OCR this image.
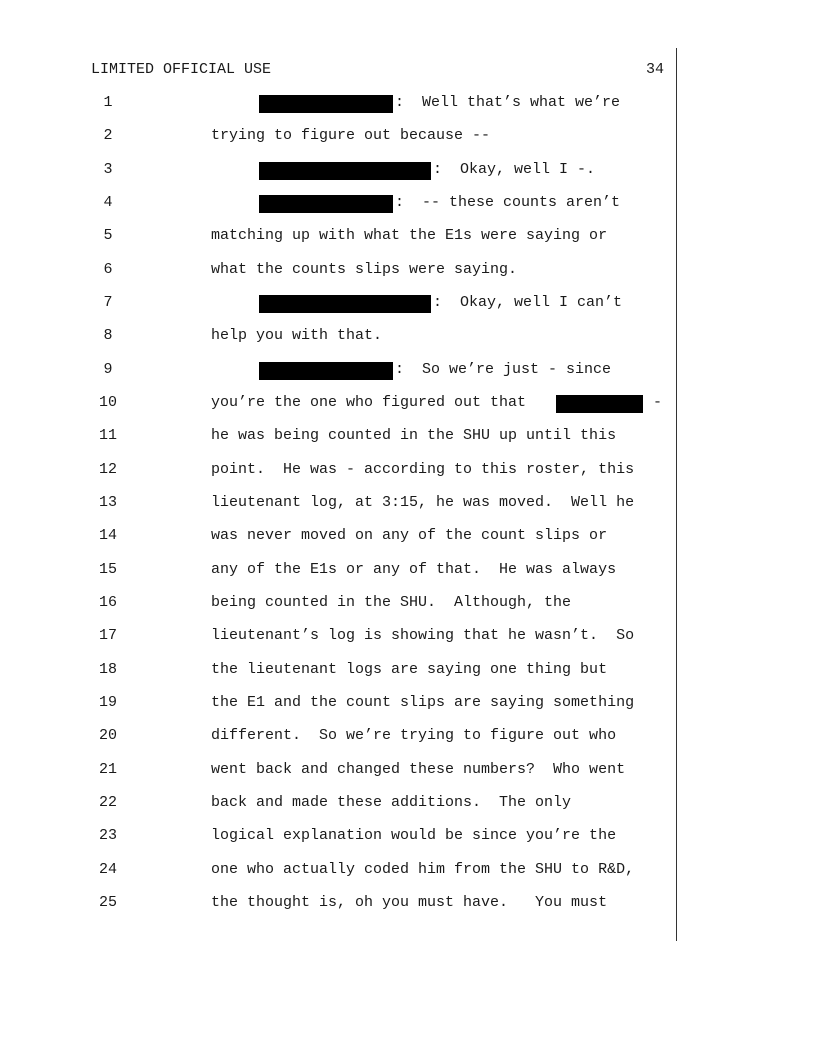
LIMITED OFFICIAL USE	34
1	:  Well that’s what we’re
2	trying to figure out because --
3	:  Okay, well I -.
4	:  -- these counts aren’t
5	matching up with what the E1s were saying or
6	what the counts slips were saying.
7	:  Okay, well I can’t
8	help you with that.
9	:  So we’re just - since
10	you’re the one who figured out that	-
11	he was being counted in the SHU up until this
12	point.  He was - according to this roster, this
13	lieutenant log, at 3:15, he was moved.  Well he
14	was never moved on any of the count slips or
15	any of the E1s or any of that.  He was always
16	being counted in the SHU.  Although, the
17	lieutenant’s log is showing that he wasn’t.  So
18	the lieutenant logs are saying one thing but
19	the E1 and the count slips are saying something
20	different.  So we’re trying to figure out who
21	went back and changed these numbers?  Who went
22	back and made these additions.  The only
23	logical explanation would be since you’re the
24	one who actually coded him from the SHU to R&D,
25	the thought is, oh you must have.   You must
